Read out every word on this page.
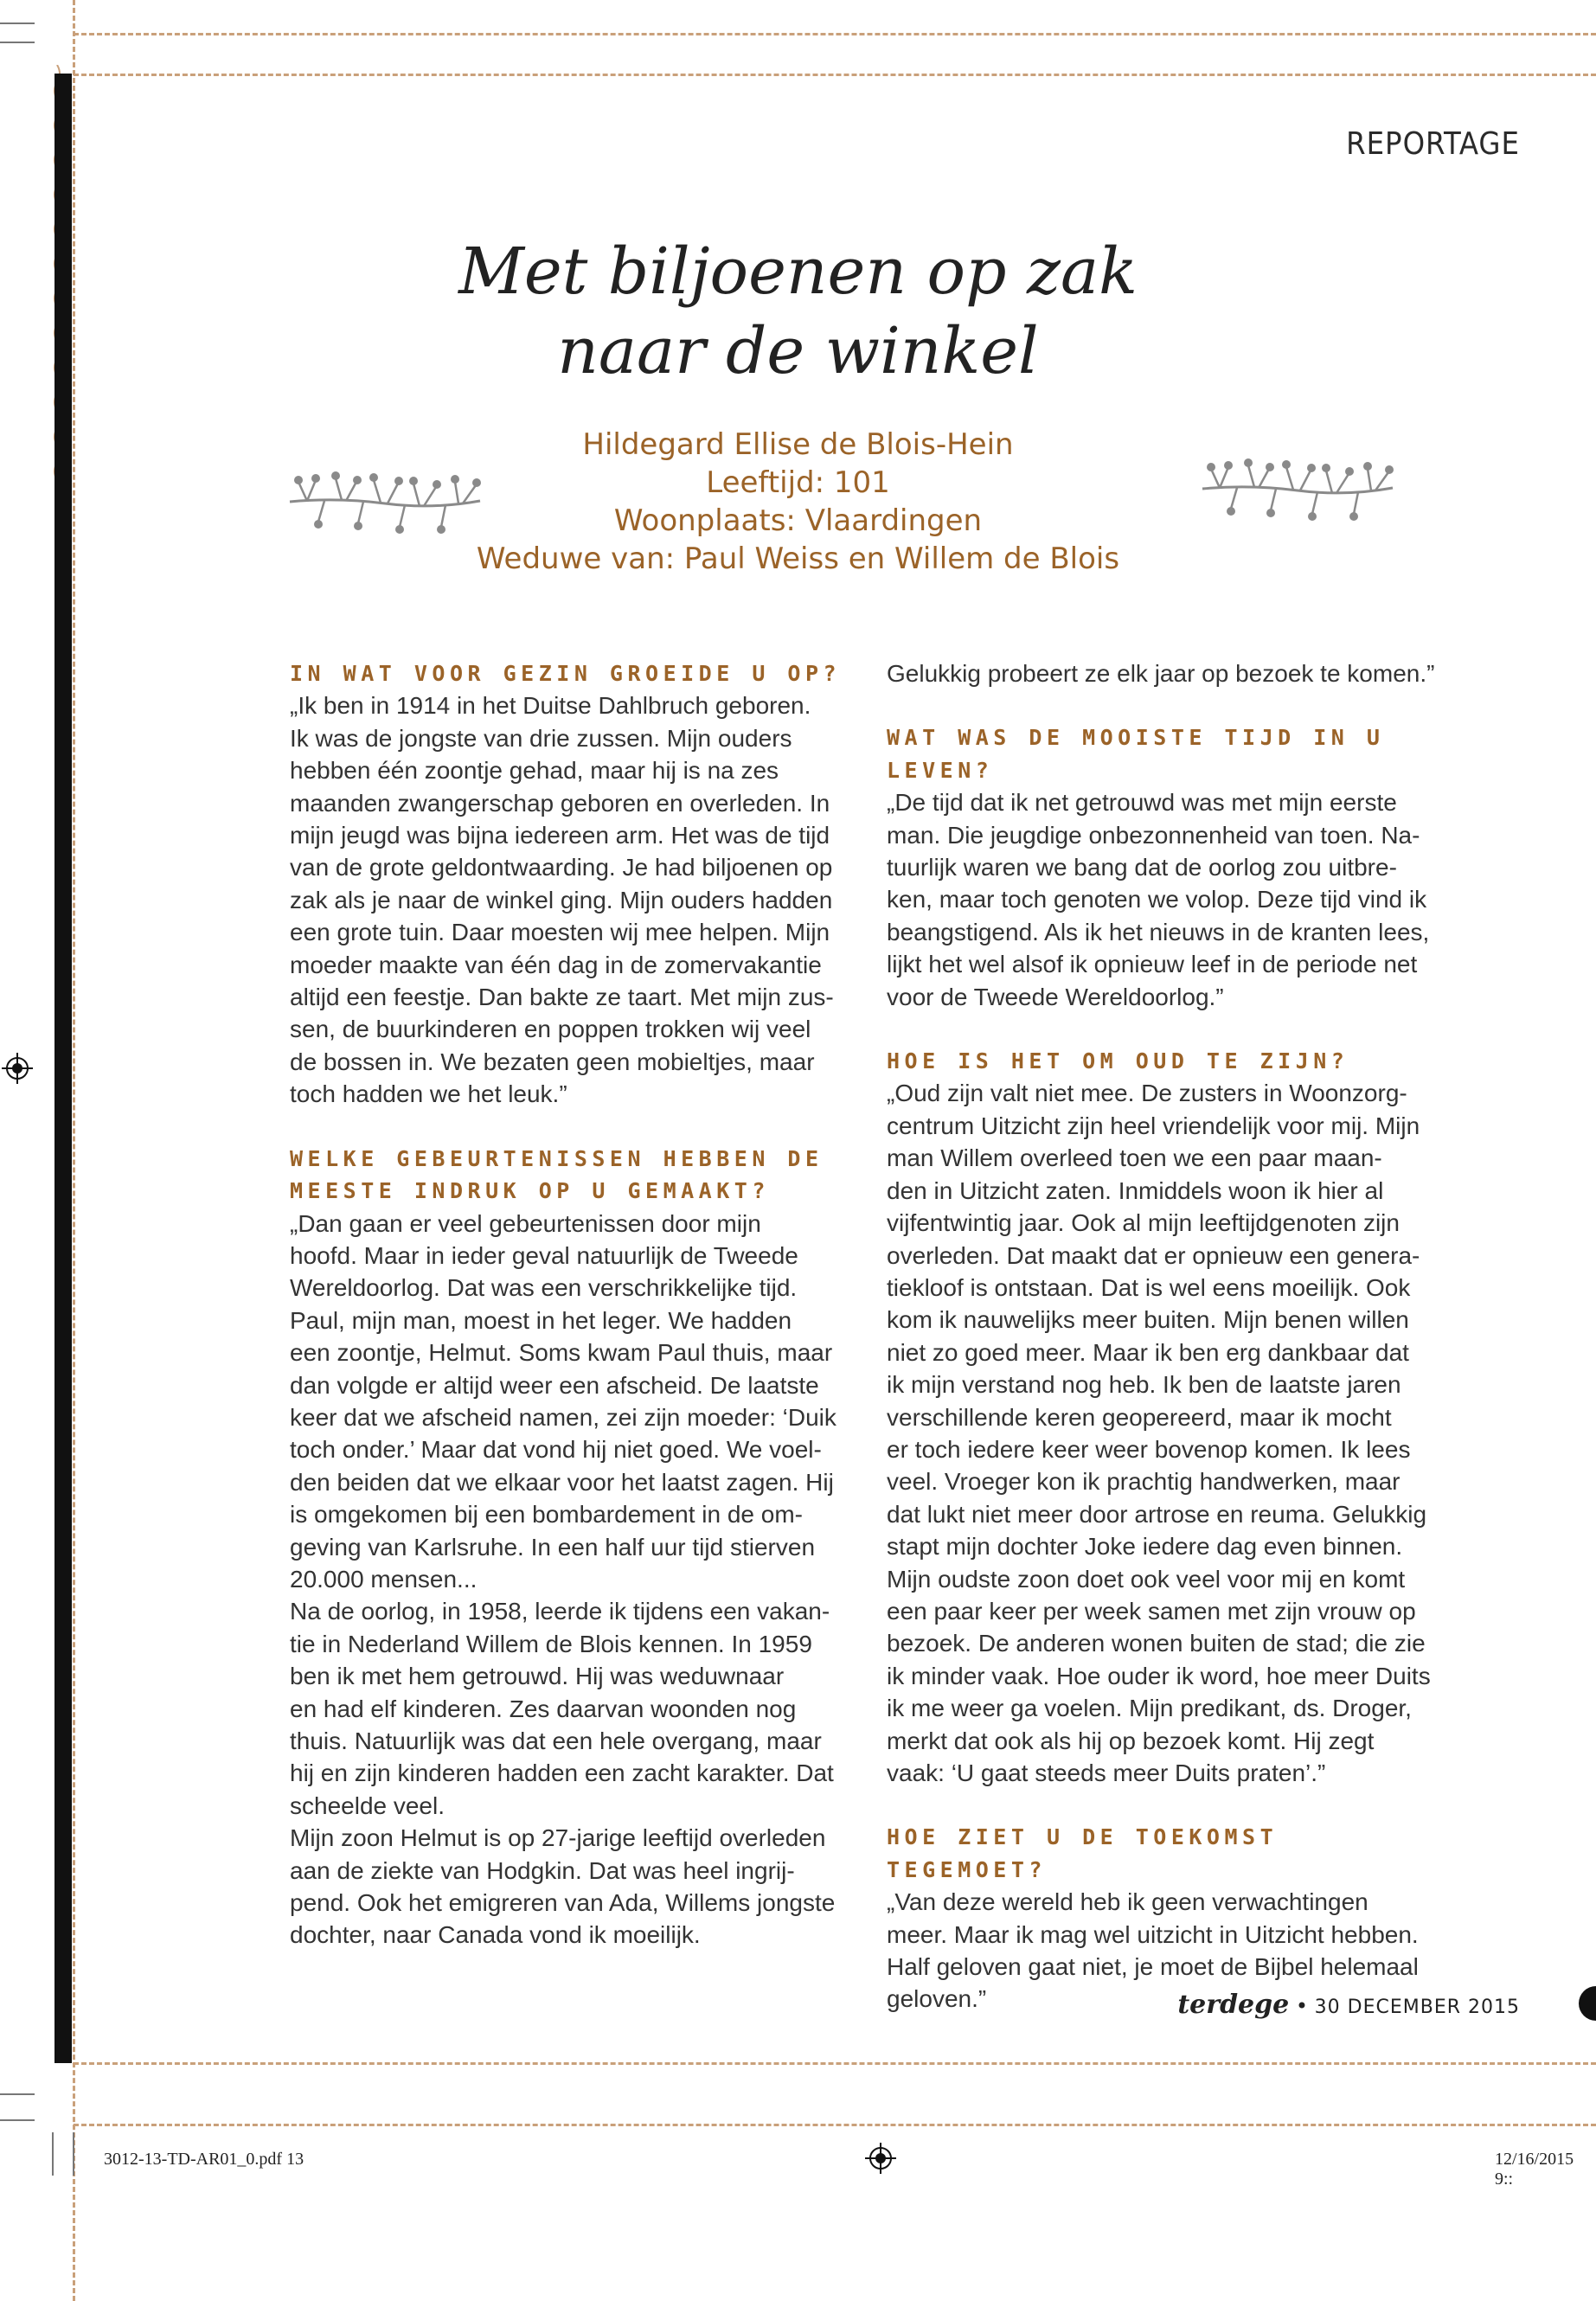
REPORTAGE
Met biljoenen op zak
naar de winkel
Hildegard Ellise de Blois-Hein
Leeftijd: 101
Woonplaats: Vlaardingen
Weduwe van: Paul Weiss en Willem de Blois
IN WAT VOOR GEZIN GROEIDE U OP?

„Ik ben in 1914 in het Duitse Dahlbruch geboren.
Ik was de jongste van drie zussen. Mijn ouders
hebben één zoontje gehad, maar hij is na zes
maanden zwangerschap geboren en overleden. In
mijn jeugd was bijna iedereen arm. Het was de tijd
van de grote geldontwaarding. Je had biljoenen op
zak als je naar de winkel ging. Mijn ouders hadden
een grote tuin. Daar moesten wij mee helpen. Mijn
moeder maakte van één dag in de zomervakantie
altijd een feestje. Dan bakte ze taart. Met mijn zus-
sen, de buurkinderen en poppen trokken wij veel
de bossen in. We bezaten geen mobieltjes, maar
toch hadden we het leuk.”

WELKE GEBEURTENISSEN HEBBEN DE
MEESTE INDRUK OP U GEMAAKT?

„Dan gaan er veel gebeurtenissen door mijn
hoofd. Maar in ieder geval natuurlijk de Tweede
Wereldoorlog. Dat was een verschrikkelijke tijd.
Paul, mijn man, moest in het leger. We hadden
een zoontje, Helmut. Soms kwam Paul thuis, maar
dan volgde er altijd weer een afscheid. De laatste
keer dat we afscheid namen, zei zijn moeder: ‘Duik
toch onder.’ Maar dat vond hij niet goed. We voel-
den beiden dat we elkaar voor het laatst zagen. Hij
is omgekomen bij een bombardement in de om-
geving van Karlsruhe. In een half uur tijd stierven
20.000 mensen...
Na de oorlog, in 1958, leerde ik tijdens een vakan-
tie in Nederland Willem de Blois kennen. In 1959
ben ik met hem getrouwd. Hij was weduwnaar
en had elf kinderen. Zes daarvan woonden nog
thuis. Natuurlijk was dat een hele overgang, maar
hij en zijn kinderen hadden een zacht karakter. Dat
scheelde veel.
Mijn zoon Helmut is op 27-jarige leeftijd overleden
aan de ziekte van Hodgkin. Dat was heel ingrij-
pend. Ook het emigreren van Ada, Willems jongste
dochter, naar Canada vond ik moeilijk.

Gelukkig probeert ze elk jaar op bezoek te komen.”

WAT WAS DE MOOISTE TIJD IN U LEVEN?

„De tijd dat ik net getrouwd was met mijn eerste
man. Die jeugdige onbezonnenheid van toen. Na-
tuurlijk waren we bang dat de oorlog zou uitbre-
ken, maar toch genoten we volop. Deze tijd vind ik
beangstigend. Als ik het nieuws in de kranten lees,
lijkt het wel alsof ik opnieuw leef in de periode net
voor de Tweede Wereldoorlog.”

HOE IS HET OM OUD TE ZIJN?

„Oud zijn valt niet mee. De zusters in Woonzorg-
centrum Uitzicht zijn heel vriendelijk voor mij. Mijn
man Willem overleed toen we een paar maan-
den in Uitzicht zaten. Inmiddels woon ik hier al
vijfentwintig jaar. Ook al mijn leeftijdgenoten zijn
overleden. Dat maakt dat er opnieuw een genera-
tiekloof is ontstaan. Dat is wel eens moeilijk. Ook
kom ik nauwelijks meer buiten. Mijn benen willen
niet zo goed meer. Maar ik ben erg dankbaar dat
ik mijn verstand nog heb. Ik ben de laatste jaren
verschillende keren geopereerd, maar ik mocht
er toch iedere keer weer bovenop komen. Ik lees
veel. Vroeger kon ik prachtig handwerken, maar
dat lukt niet meer door artrose en reuma. Gelukkig
stapt mijn dochter Joke iedere dag even binnen.
Mijn oudste zoon doet ook veel voor mij en komt
een paar keer per week samen met zijn vrouw op
bezoek. De anderen wonen buiten de stad; die zie
ik minder vaak. Hoe ouder ik word, hoe meer Duits
ik me weer ga voelen. Mijn predikant, ds. Droger,
merkt dat ook als hij op bezoek komt. Hij zegt
vaak: ‘U gaat steeds meer Duits praten’.”

HOE ZIET U DE TOEKOMST TEGEMOET?

„Van deze wereld heb ik geen verwachtingen
meer. Maar ik mag wel uitzicht in Uitzicht hebben.
Half geloven gaat niet, je moet de Bijbel helemaal
geloven.”	terdege • 30 DECEMBER 2015
3012-13-TD-AR01_0.pdf 13	12/16/2015 9::
